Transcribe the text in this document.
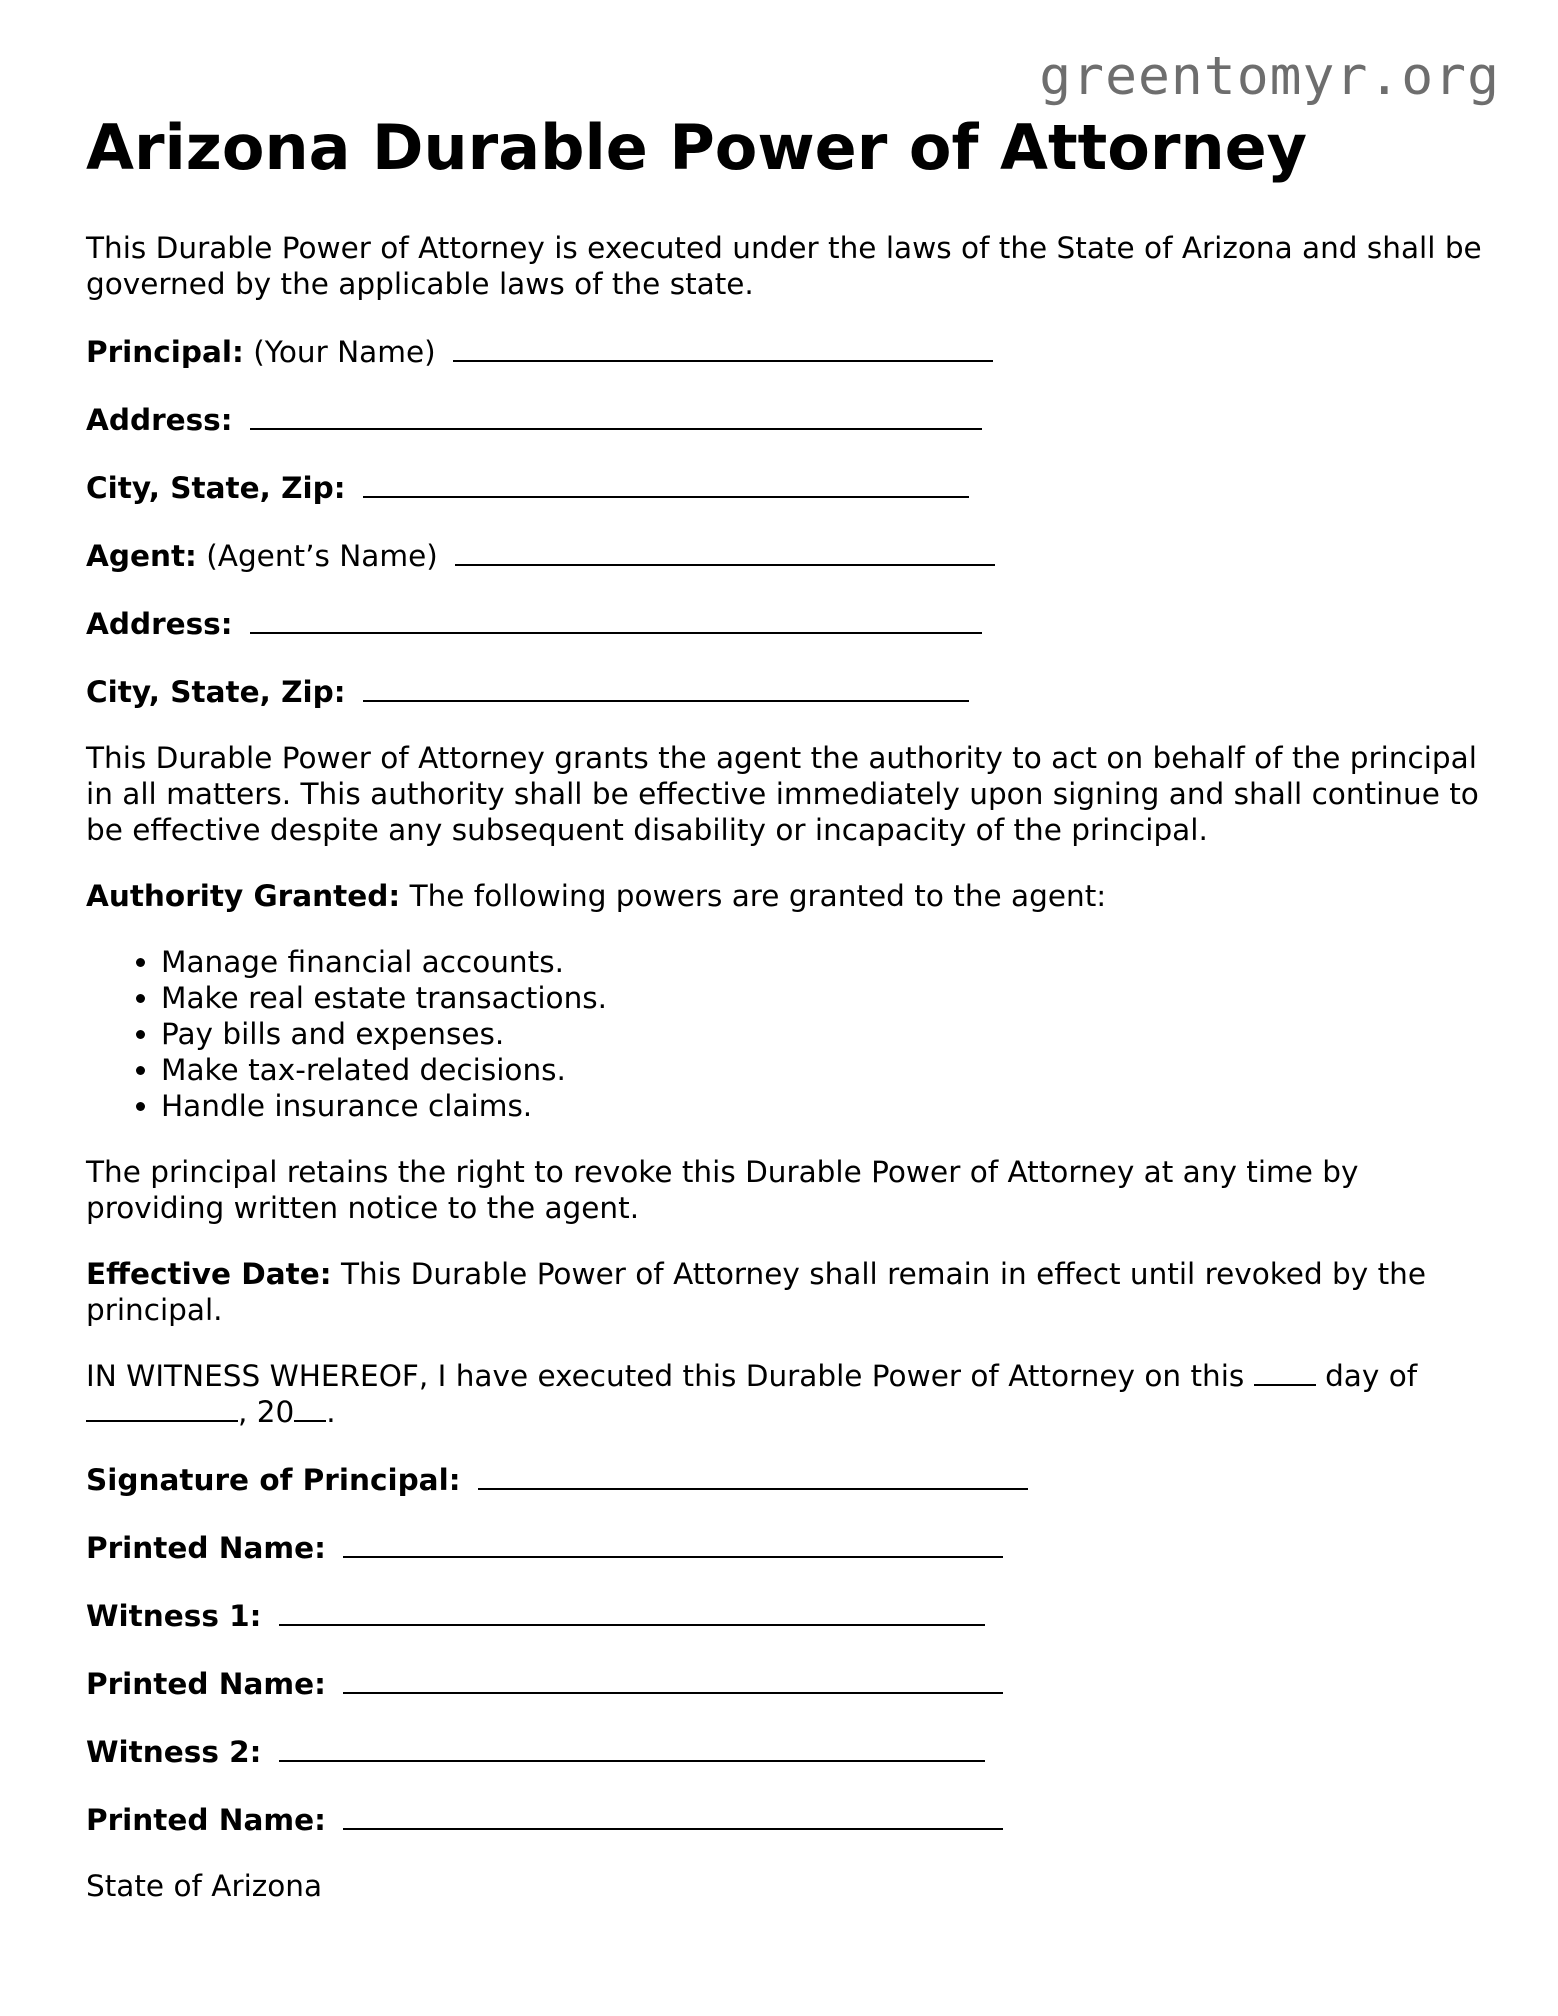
greentomyr.org
Arizona Durable Power of Attorney

This Durable Power of Attorney is executed under the laws of the State of Arizona and shall be governed by the applicable laws of the state.

Principal: (Your Name)

Address:

City, State, Zip:

Agent: (Agent’s Name)

Address:

City, State, Zip:

This Durable Power of Attorney grants the agent the authority to act on behalf of the principal in all matters. This authority shall be effective immediately upon signing and shall continue to be effective despite any subsequent disability or incapacity of the principal.

Authority Granted: The following powers are granted to the agent:

• Manage financial accounts.
• Make real estate transactions.
• Pay bills and expenses.
• Make tax-related decisions.
• Handle insurance claims.

The principal retains the right to revoke this Durable Power of Attorney at any time by providing written notice to the agent.

Effective Date: This Durable Power of Attorney shall remain in effect until revoked by the principal.

IN WITNESS WHEREOF, I have executed this Durable Power of Attorney on this	day of , 20 .

Signature of Principal:

Printed Name:

Witness 1:

Printed Name:

Witness 2:

Printed Name:

State of Arizona
